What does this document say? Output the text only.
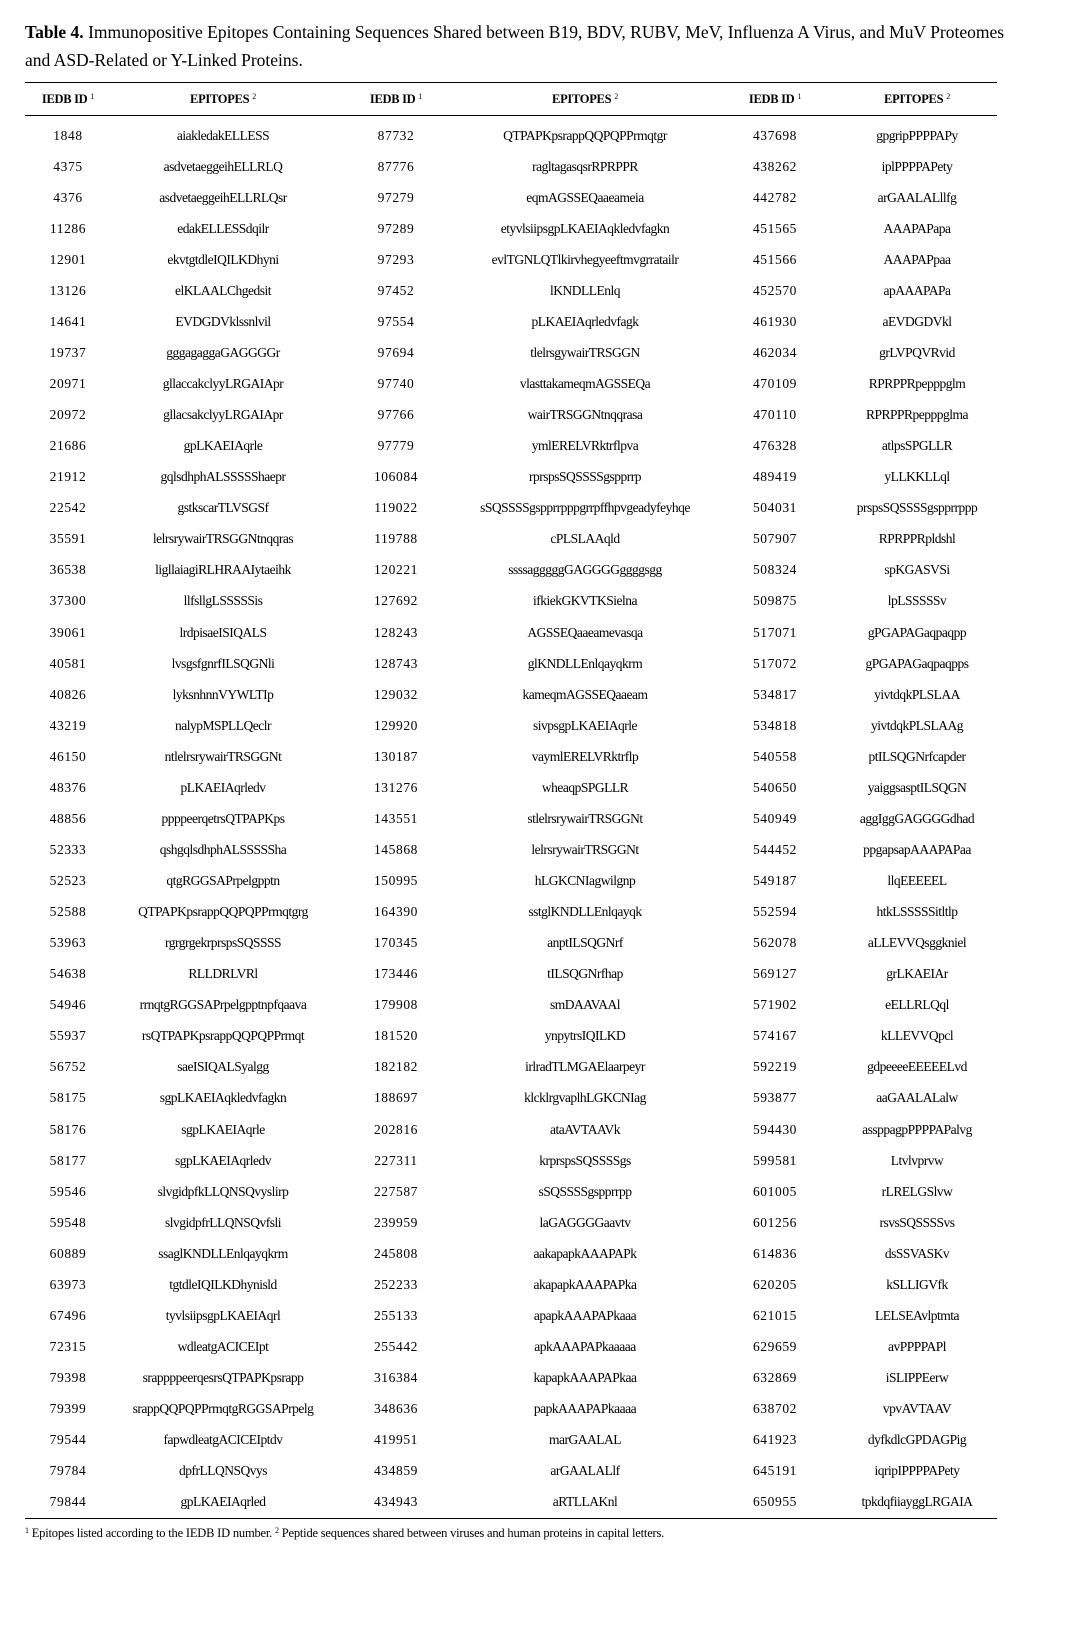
Table 4. Immunopositive Epitopes Containing Sequences Shared between B19, BDV, RUBV, MeV, Influenza A Virus, and MuV Proteomes and ASD-Related or Y-Linked Proteins.
IEDB ID $^1$	EPITOPES $^2$	IEDB ID $^1$	EPITOPES $^2$	IEDB ID $^1$	EPITOPES $^2$
1848	aiakledakELLESS	87732	QTPAPKpsrappQQPQPPrmqtgr	437698	gpgripPPPPAPy
4375	asdvetaeggeihELLRLQ	87776	ragltagasqsrRPRPPR	438262	iplPPPPAPety
4376	asdvetaeggeihELLRLQsr	97279	eqmAGSSEQaaeameia	442782	arGAALALllfg
11286	edakELLESSdqilr	97289	etyvlsiipsgpLKAEIAqkledvfagkn	451565	AAAPAPapa
12901	ekvtgtdleIQILKDhyni	97293	evlTGNLQTlkirvhegyeeftmvgrratailr	451566	AAAPAPpaa
13126	elKLAALChgedsit	97452	lKNDLLEnlq	452570	apAAAPAPa
14641	EVDGDVklssnlvil	97554	pLKAEIAqrledvfagk	461930	aEVDGDVkl
19737	gggagaggaGAGGGGr	97694	tlelrsgywairTRSGGN	462034	grLVPQVRvid
20971	gllaccakclyyLRGAIApr	97740	vlasttakameqmAGSSEQa	470109	RPRPPRpepppglm
20972	gllacsakclyyLRGAIApr	97766	wairTRSGGNtnqqrasa	470110	RPRPPRpepppglma
21686	gpLKAEIAqrle	97779	ymlERELVRktrflpva	476328	atlpsSPGLLR
21912	gqlsdhphALSSSSShaepr	106084	rprspsSQSSSSgspprrp	489419	yLLKKLLql
22542	gstkscarTLVSGSf	119022	sSQSSSSgspprrpppgrrpffhpvgeadyfeyhqe	504031	prspsSQSSSSgspprrppp
35591	lelrsrywairTRSGGNtnqqras	119788	cPLSLAAqld	507907	RPRPPRpldshl
36538	ligllaiagiRLHRAAIytaeihk	120221	ssssagggggGAGGGGggggsgg	508324	spKGASVSi
37300	llfsllgLSSSSSis	127692	ifkiekGKVTKSielna	509875	lpLSSSSSv
39061	lrdpisaeISIQALS	128243	AGSSEQaaeamevasqa	517071	gPGAPAGaqpaqpp
40581	lvsgsfgnrfILSQGNli	128743	glKNDLLEnlqayqkrm	517072	gPGAPAGaqpaqpps
40826	lyksnhnnVYWLTIp	129032	kameqmAGSSEQaaeam	534817	yivtdqkPLSLAA
43219	nalypMSPLLQeclr	129920	sivpsgpLKAEIAqrle	534818	yivtdqkPLSLAAg
46150	ntlelrsrywairTRSGGNt	130187	vaymlERELVRktrflp	540558	ptILSQGNrfcapder
48376	pLKAEIAqrledv	131276	wheaqpSPGLLR	540650	yaiggsasptILSQGN
48856	ppppeerqetrsQTPAPKps	143551	stlelrsrywairTRSGGNt	540949	aggIggGAGGGGdhad
52333	qshgqlsdhphALSSSSSha	145868	lelrsrywairTRSGGNt	544452	ppgapsapAAAPAPaa
52523	qtgRGGSAPrpelgpptn	150995	hLGKCNIagwilgnp	549187	llqEEEEEL
52588	QTPAPKpsrappQQPQPPrmqtgrg	164390	sstglKNDLLEnlqayqk	552594	htkLSSSSSitltlp
53963	rgrgrgekrprspsSQSSSS	170345	anptILSQGNrf	562078	aLLEVVQsggkniel
54638	RLLDRLVRl	173446	tILSQGNrfhap	569127	grLKAEIAr
54946	rrnqtgRGGSAPrpelgpptnpfqaava	179908	smDAAVAAl	571902	eELLRLQql
55937	rsQTPAPKpsrappQQPQPPrmqt	181520	ynpytrsIQILKD	574167	kLLEVVQpcl
56752	saeISIQALSyalgg	182182	irlradTLMGAElaarpeyr	592219	gdpeeeeEEEEELvd
58175	sgpLKAEIAqkledvfagkn	188697	klcklrgvaplhLGKCNIag	593877	aaGAALALalw
58176	sgpLKAEIAqrle	202816	ataAVTAAVk	594430	assppagpPPPPAPalvg
58177	sgpLKAEIAqrledv	227311	krprspsSQSSSSgs	599581	Ltvlvprvw
59546	slvgidpfkLLQNSQvyslirp	227587	sSQSSSSgspprrpp	601005	rLRELGSlvw
59548	slvgidpfrLLQNSQvfsli	239959	laGAGGGGaavtv	601256	rsvsSQSSSSvs
60889	ssaglKNDLLEnlqayqkrm	245808	aakapapkAAAPAPk	614836	dsSSVASKv
63973	tgtdleIQILKDhynisld	252233	akapapkAAAPAPka	620205	kSLLIGVfk
67496	tyvlsiipsgpLKAEIAqrl	255133	apapkAAAPAPkaaa	621015	LELSEAvlptmta
72315	wdleatgACICEIpt	255442	apkAAAPAPkaaaaa	629659	avPPPPAPl
79398	srappppeerqesrsQTPAPKpsrapp	316384	kapapkAAAPAPkaa	632869	iSLIPPEerw
79399	srappQQPQPPrmqtgRGGSAPrpelg	348636	papkAAAPAPkaaaa	638702	vpvAVTAAV
79544	fapwdleatgACICEIptdv	419951	marGAALAL	641923	dyfkdlcGPDAGPig
79784	dpfrLLQNSQvys	434859	arGAALALlf	645191	iqripIPPPPAPety
79844	gpLKAEIAqrled	434943	aRTLLAKnl	650955	tpkdqfiiayggLRGAIA
$^1$ Epitopes listed according to the IEDB ID number. $^2$ Peptide sequences shared between viruses and human proteins in capital letters.
